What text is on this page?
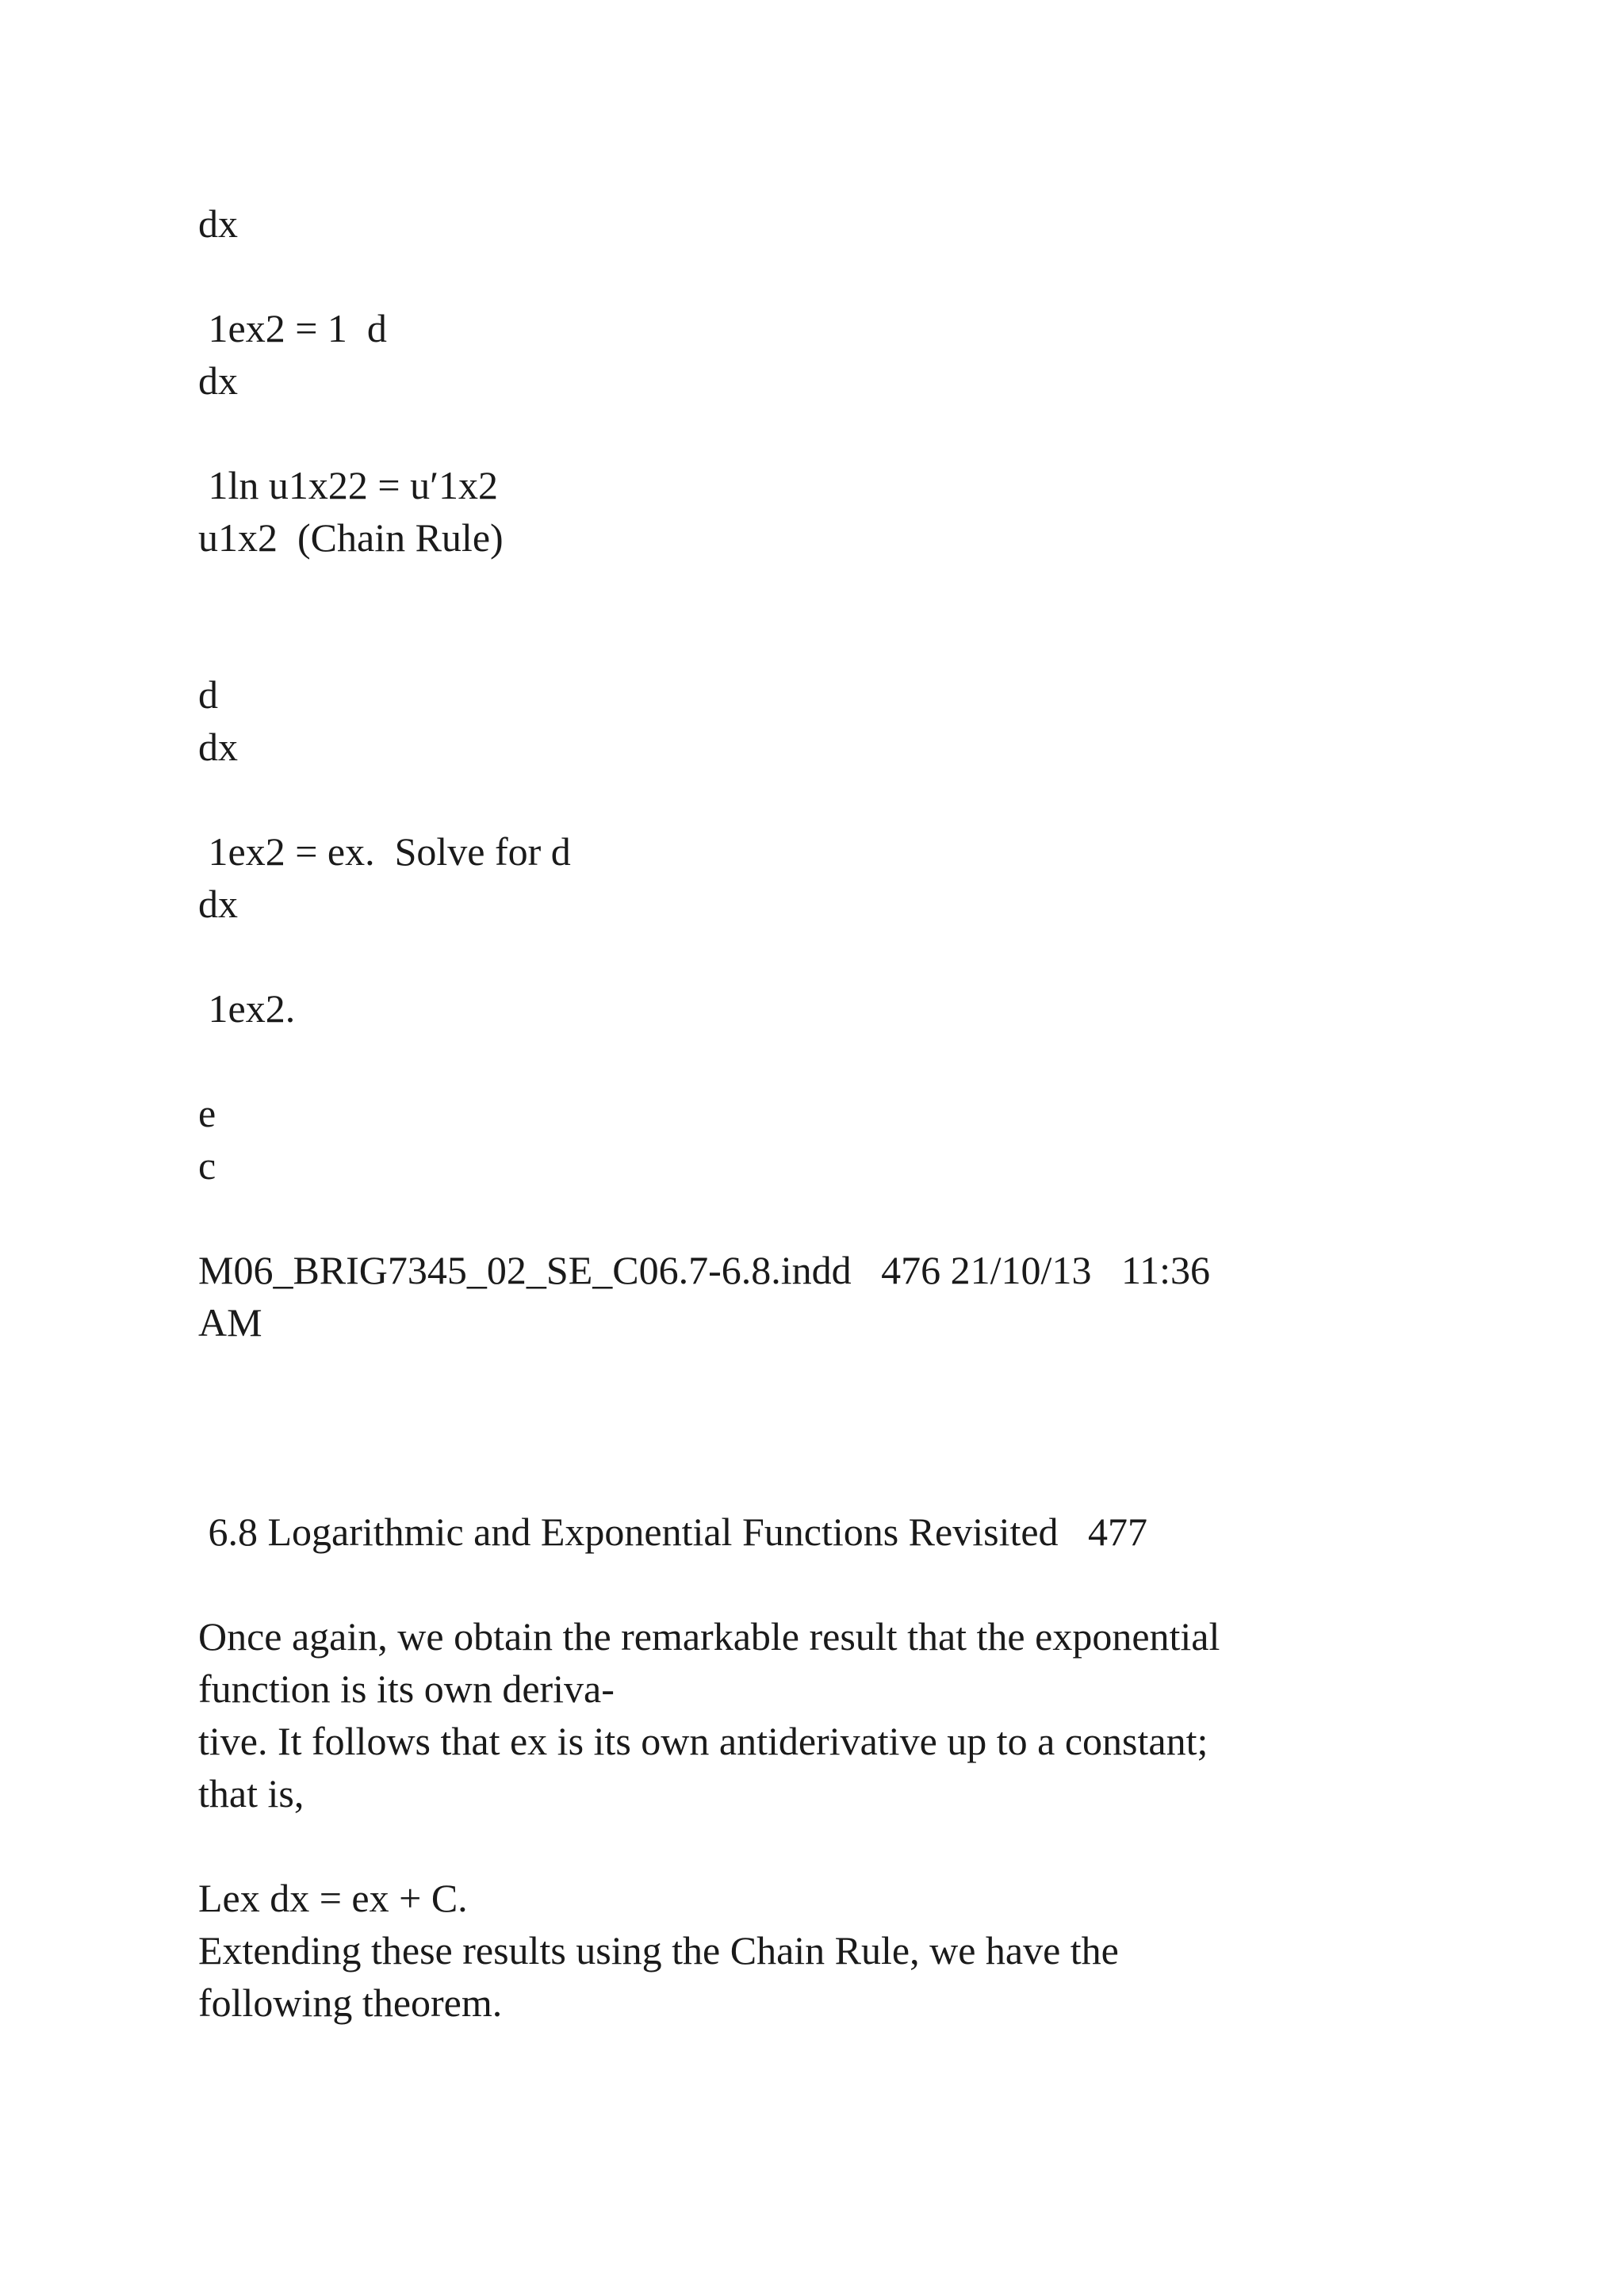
dx
1ex2 = 1  d
dx
1ln u1x22 = u′1x2
u1x2  (Chain Rule)
d
dx
1ex2 = ex.  Solve for d
dx
1ex2.
e
c
M06_BRIG7345_02_SE_C06.7-6.8.indd   476 21/10/13   11:36
AM
6.8 Logarithmic and Exponential Functions Revisited   477
Once again, we obtain the remarkable result that the exponential
function is its own deriva-
tive. It follows that ex is its own antiderivative up to a constant;
that is,
Lex dx = ex + C.
Extending these results using the Chain Rule, we have the
following theorem.
